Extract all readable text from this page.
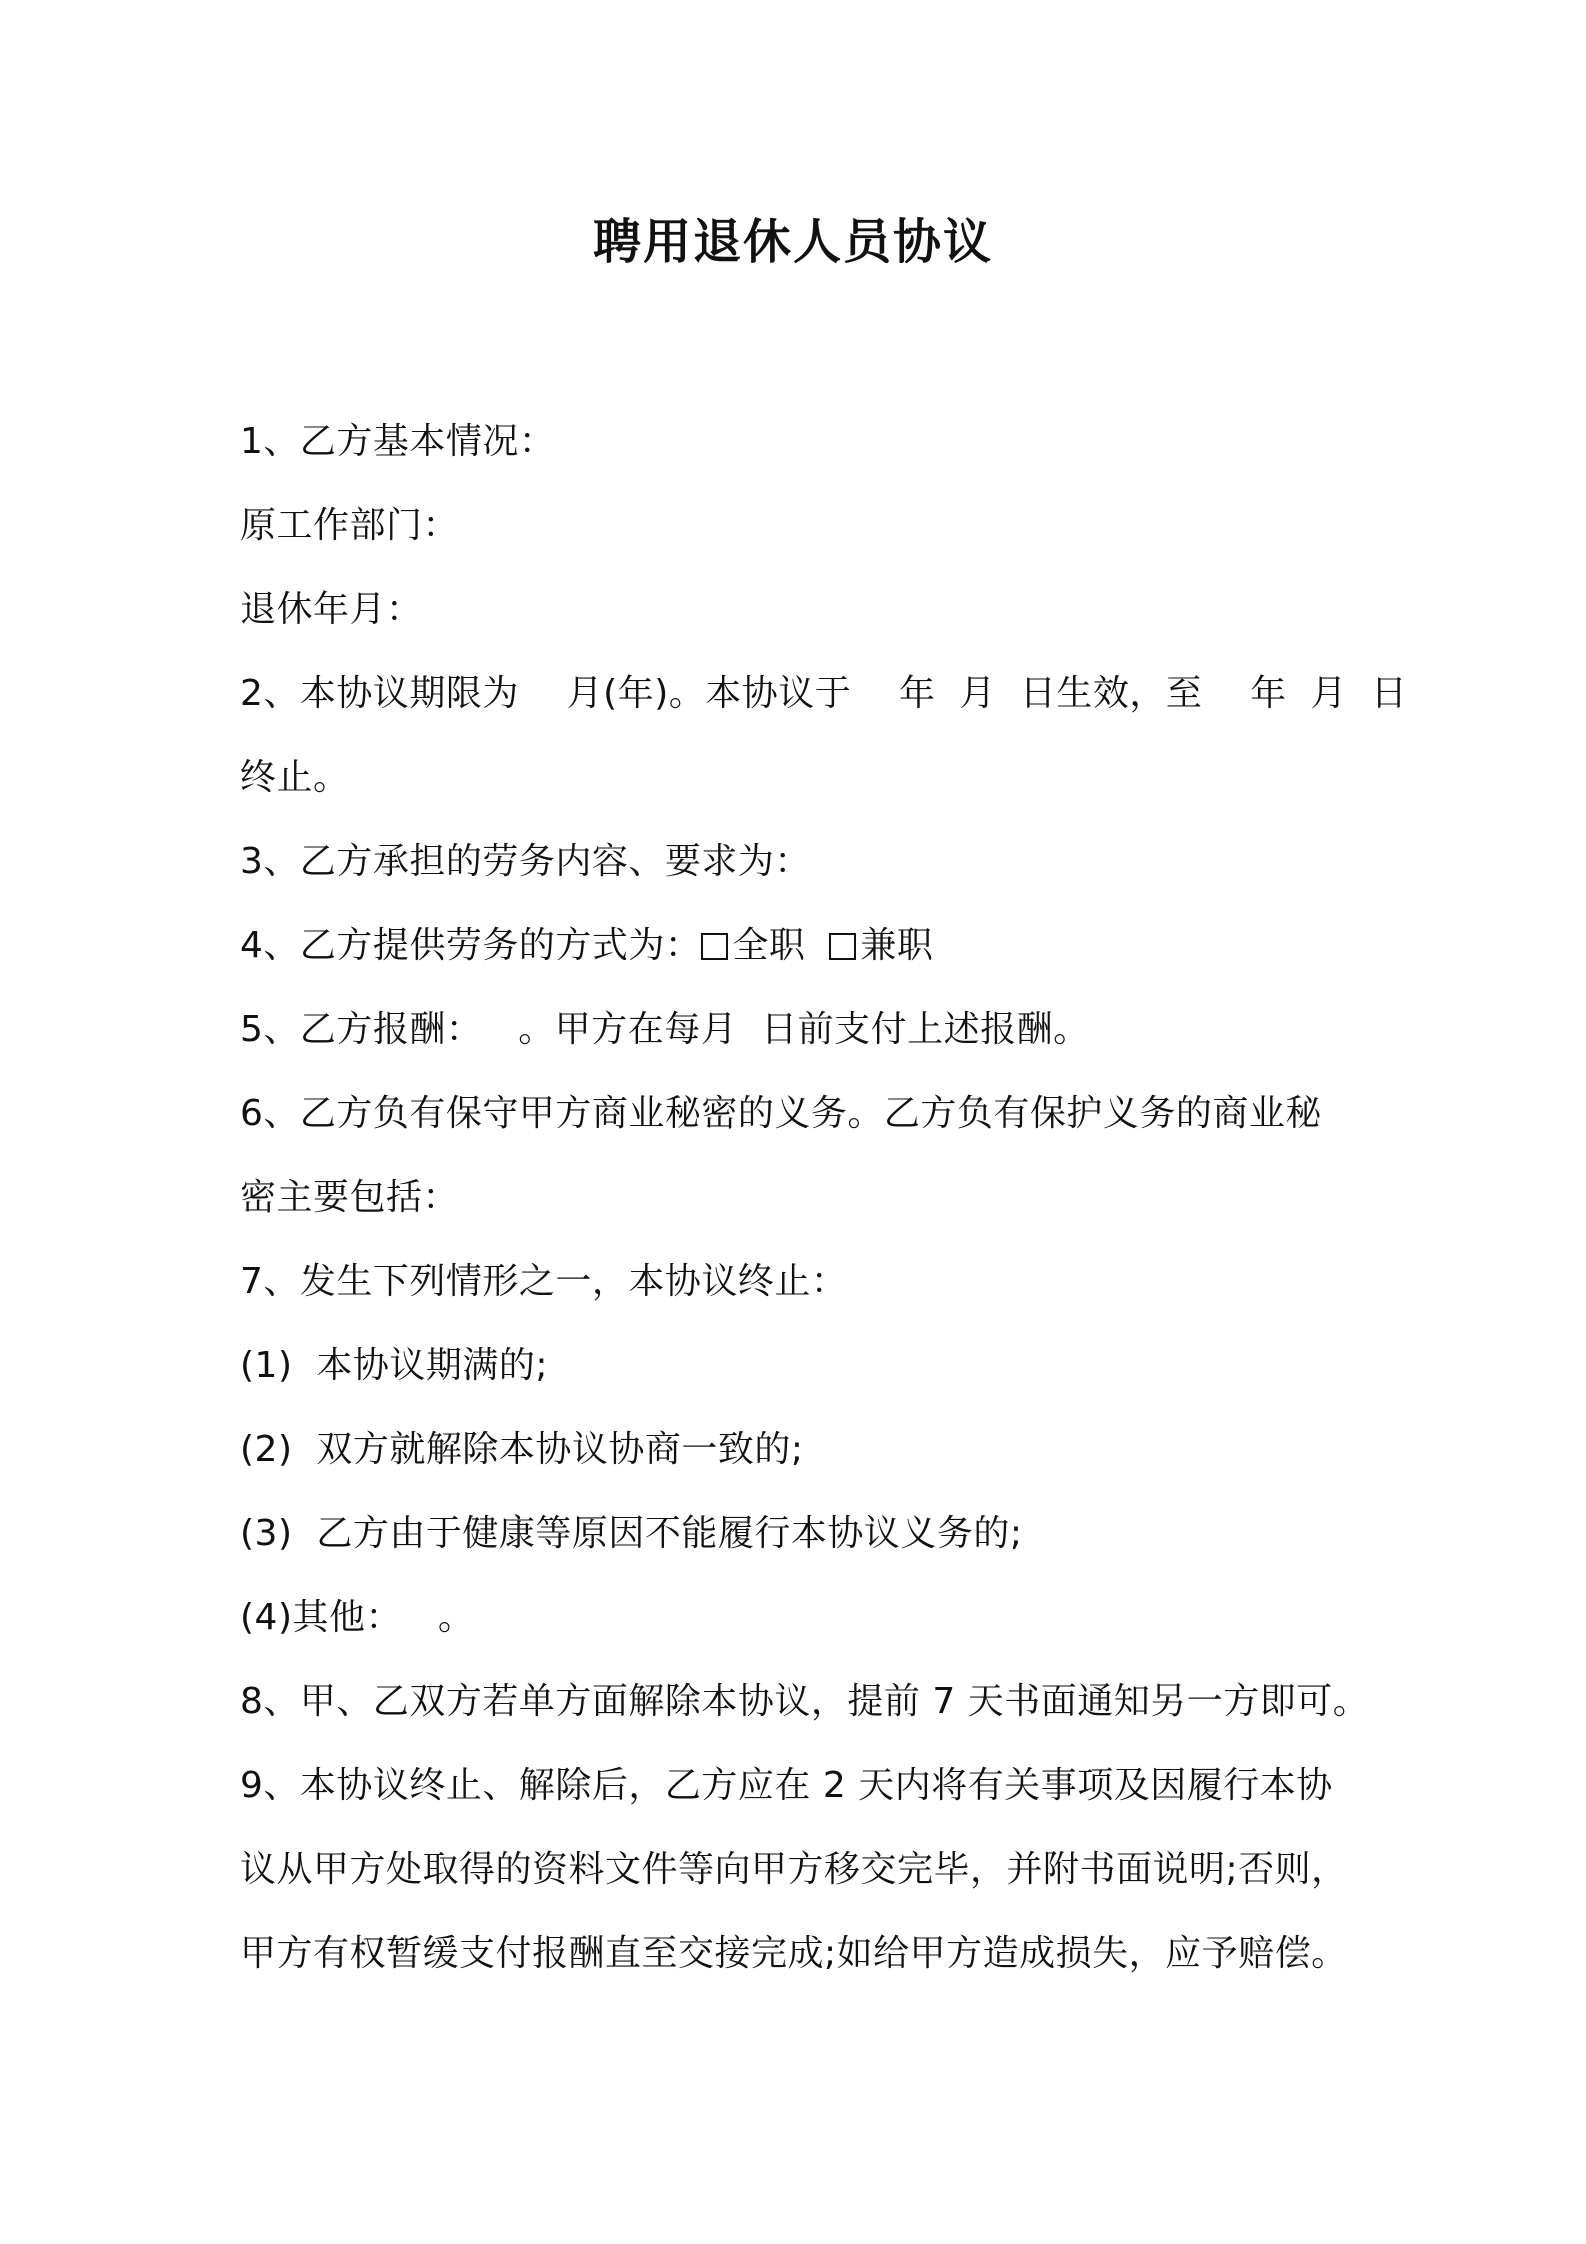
聘用退休人员协议
1、乙方基本情况：
原工作部门：
退休年月：
2、本协议期限为    月(年)。本协议于    年  月  日生效，至    年  月  日
终止。
3、乙方承担的劳务内容、要求为：
4、乙方提供劳务的方式为： 全职 兼职
5、乙方报酬：   。甲方在每月  日前支付上述报酬。
6、乙方负有保守甲方商业秘密的义务。乙方负有保护义务的商业秘
密主要包括：
7、发生下列情形之一，本协议终止：
(1)  本协议期满的;
(2)  双方就解除本协议协商一致的;
(3)  乙方由于健康等原因不能履行本协议义务的;
(4)其他：   。
8、甲、乙双方若单方面解除本协议，提前 7 天书面通知另一方即可。
9、本协议终止、解除后，乙方应在 2 天内将有关事项及因履行本协
议从甲方处取得的资料文件等向甲方移交完毕，并附书面说明;否则，
甲方有权暂缓支付报酬直至交接完成;如给甲方造成损失，应予赔偿。
